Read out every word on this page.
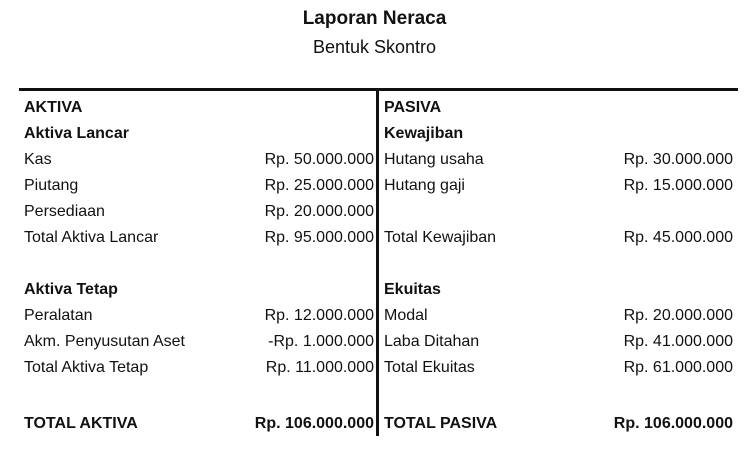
Laporan Neraca
Bentuk Skontro
AKTIVA
Aktiva Lancar
Kas	Rp. 50.000.000
Piutang	Rp. 25.000.000
Persediaan	Rp. 20.000.000
Total Aktiva Lancar	Rp. 95.000.000
Aktiva Tetap
Peralatan	Rp. 12.000.000
Akm. Penyusutan Aset	-Rp. 1.000.000
Total Aktiva Tetap	Rp. 11.000.000
TOTAL AKTIVA	Rp. 106.000.000
PASIVA
Kewajiban
Hutang usaha	Rp. 30.000.000
Hutang gaji	Rp. 15.000.000
Total Kewajiban	Rp. 45.000.000
Ekuitas
Modal	Rp. 20.000.000
Laba Ditahan	Rp. 41.000.000
Total Ekuitas	Rp. 61.000.000
TOTAL PASIVA	Rp. 106.000.000
